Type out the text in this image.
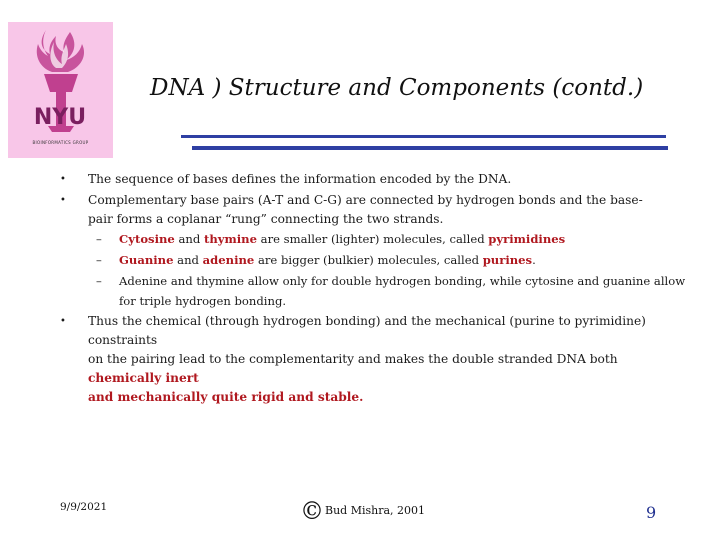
NYU
BIOINFORMATICS GROUP
DNA ) Structure and Components (contd.)

• The sequence of bases defines the information encoded by the DNA.

• Complementary base pairs (A-T and C-G) are connected by hydrogen bonds and the base-
pair forms a coplanar “rung” connecting the two strands.

– Cytosine and thymine are smaller (lighter) molecules, called pyrimidines

– Guanine and adenine are bigger (bulkier) molecules, called purines.

– Adenine and thymine allow only for double hydrogen bonding, while cytosine and guanine allow
for triple hydrogen bonding.

• Thus the chemical (through hydrogen bonding) and the mechanical (purine to pyrimidine) constraints
on the pairing lead to the complementarity and makes the double stranded DNA both chemically inert
and mechanically quite rigid and stable.

9/9/2021	©Bud Mishra, 2001	9
